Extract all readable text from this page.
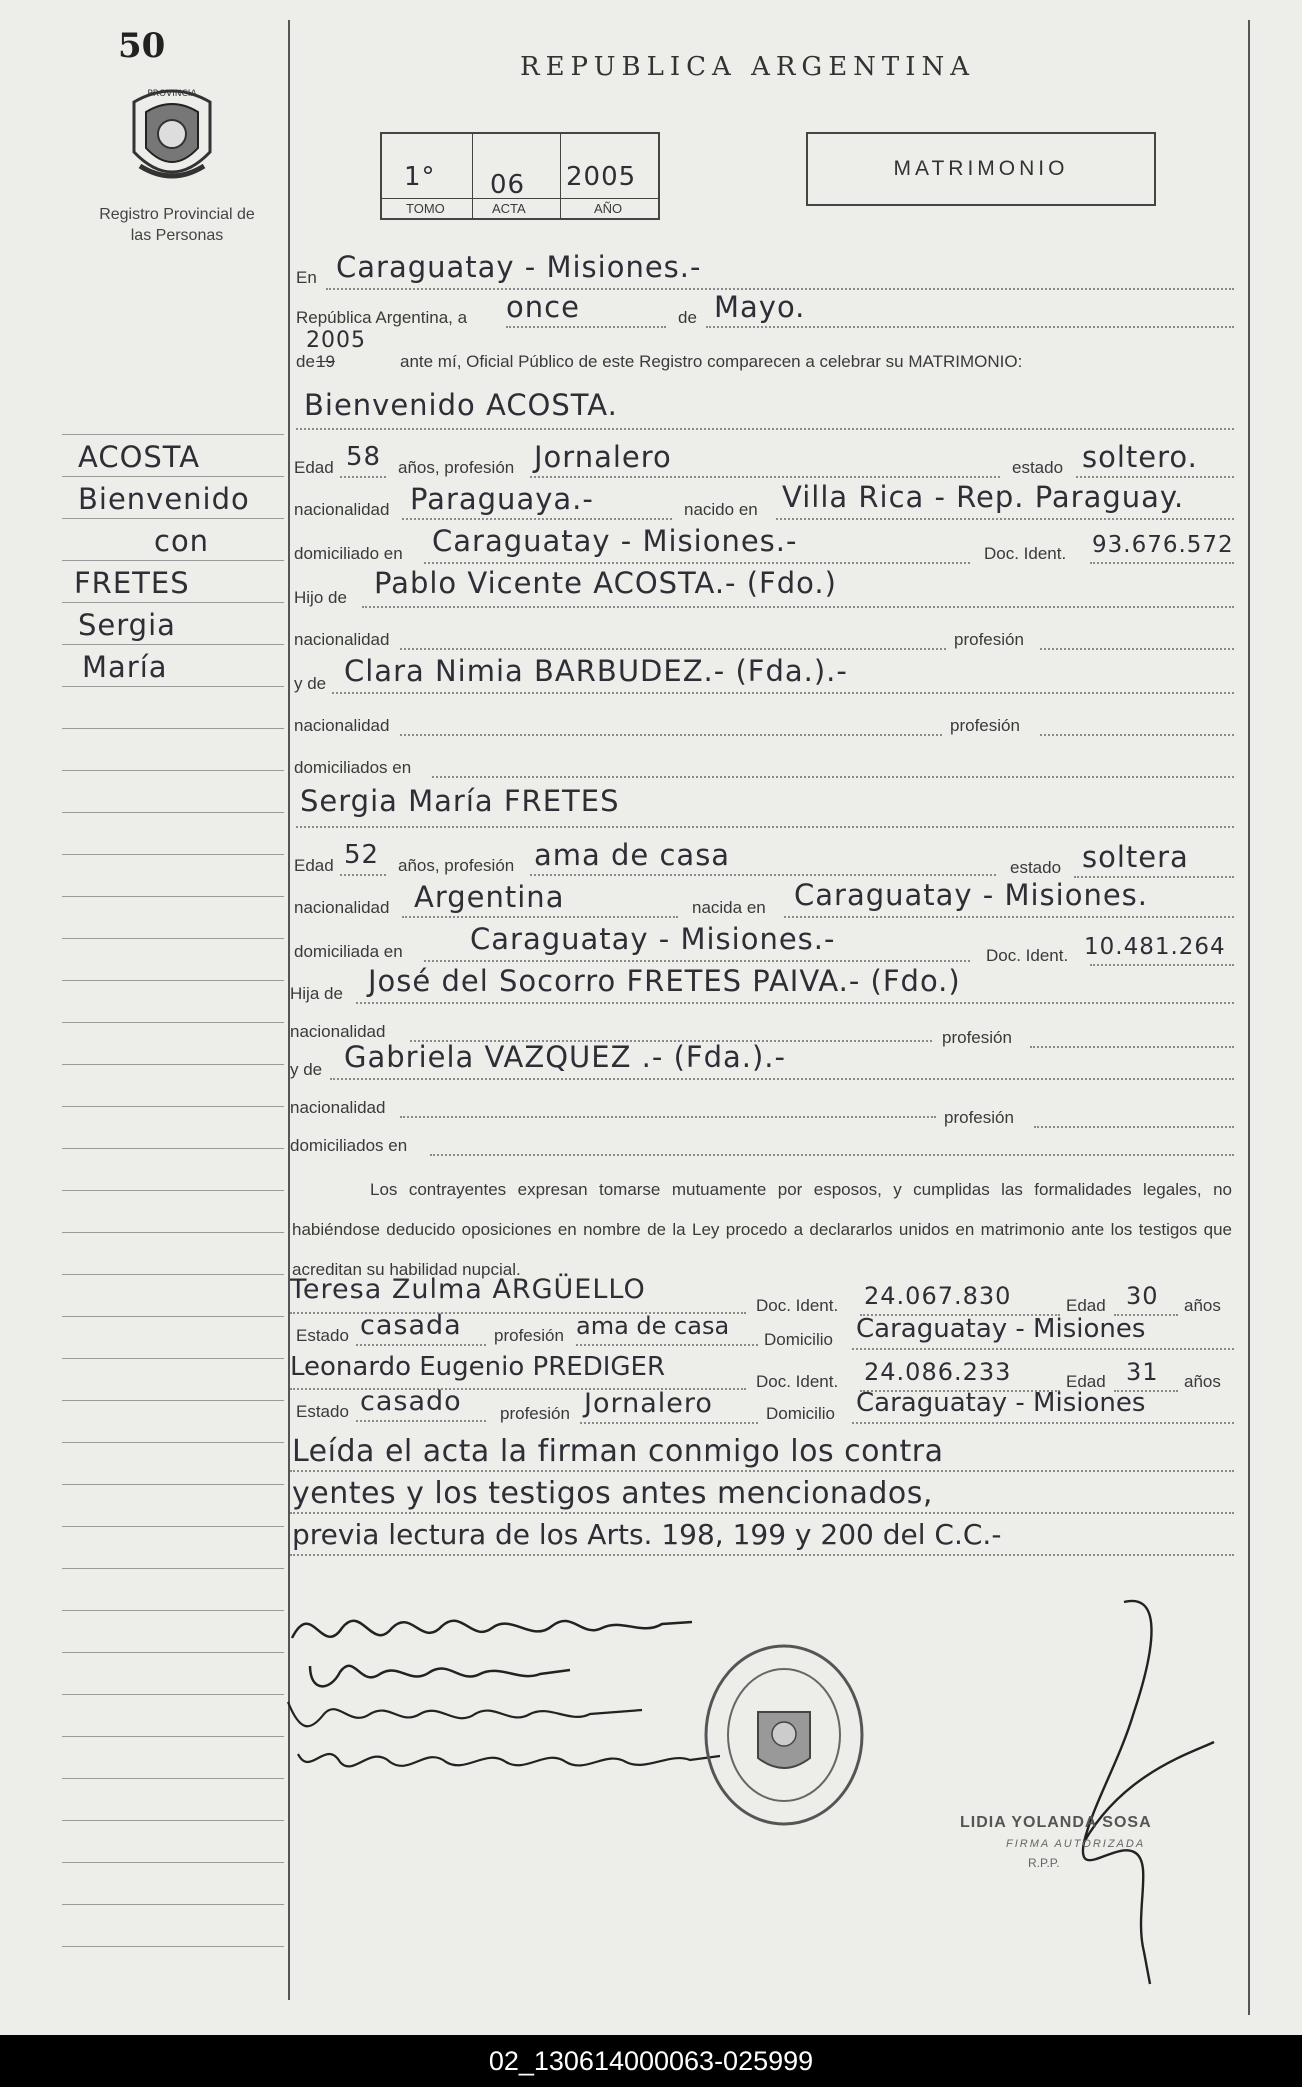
50
PROVINCIA
Registro Provincial de las Personas
REPUBLICA ARGENTINA
1°
TOMO
06
ACTA
2005
AÑO
MATRIMONIO
ACOSTA
Bienvenido
con
FRETES
Sergia
María
En Caraguatay - Misiones.-
República Argentina, a once	de Mayo.
de 19
2005
ante mí, Oficial Público de este Registro comparecen a celebrar su MATRIMONIO:
Bienvenido ACOSTA.
Edad 58 años, profesión Jornalero	estado soltero.
nacionalidad Paraguaya.-	nacido en Villa Rica - Rep. Paraguay.
domiciliado en Caraguatay - Misiones.-	Doc. Ident. 93.676.572
Hijo de Pablo Vicente ACOSTA.- (Fdo.)
nacionalidad	profesión
y de Clara Nimia BARBUDEZ.- (Fda.).-
nacionalidad	profesión
domiciliados en
Sergia María FRETES
Edad 52 años, profesión ama de casa	estado soltera
nacionalidad Argentina	nacida en Caraguatay - Misiones.
domiciliada en Caraguatay - Misiones.-	Doc. Ident. 10.481.264
Hija de José del Socorro FRETES PAIVA.- (Fdo.)
nacionalidad	profesión
y de Gabriela VAZQUEZ .- (Fda.).-
nacionalidad
profesión
domiciliados en
Los contrayentes expresan tomarse mutuamente por esposos, y cumplidas las formalidades legales, no habiéndose deducido oposiciones en nombre de la Ley procedo a declararlos unidos en matrimonio ante los testigos que acreditan su habilidad nupcial.
Teresa Zulma ARGÜELLO
Doc. Ident. 24.067.830	Edad 30 años
Estado casada profesión ama de casa Domicilio Caraguatay - Misiones
Leonardo Eugenio PREDIGER	Doc. Ident. 24.086.233	Edad 31 años
Estado casado profesión Jornalero	Domicilio Caraguatay - Misiones
Leída el acta la firman conmigo los contra
yentes y los testigos antes mencionados,
previa lectura de los Arts. 198, 199 y 200 del C.C.-
LIDIA YOLANDA SOSA
FIRMA AUTORIZADA
R.P.P.
02_130614000063-025999
